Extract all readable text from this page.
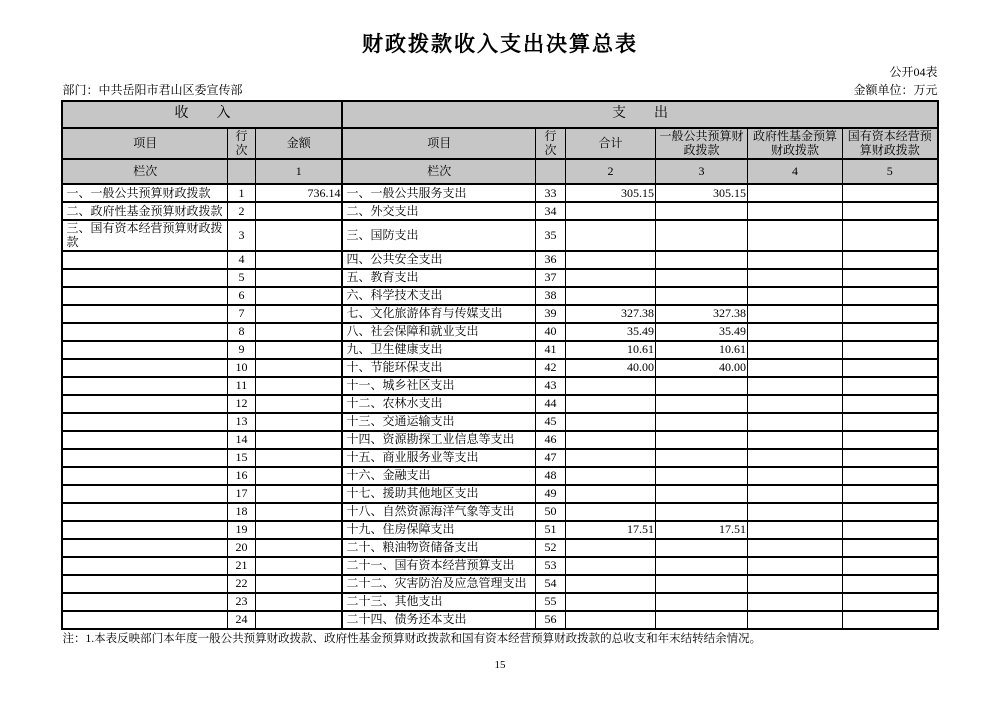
财政拨款收入支出决算总表
公开04表
部门：中共岳阳市君山区委宣传部	金额单位：万元
收　　入			支　　出					
项目	行次	金额	项目	行次	合计	一般公共预算财政拨款	政府性基金预算财政拨款	国有资本经营预算财政拨款
栏次		1	栏次		2	3	4	5
一、一般公共预算财政拨款	1	736.14	一、一般公共服务支出	33	305.15	305.15		
二、政府性基金预算财政拨款	2		二、外交支出	34				
三、国有资本经营预算财政拨款	3		三、国防支出	35				
	4		四、公共安全支出	36				
	5		五、教育支出	37				
	6		六、科学技术支出	38				
	7		七、文化旅游体育与传媒支出	39	327.38	327.38		
	8		八、社会保障和就业支出	40	35.49	35.49		
	9		九、卫生健康支出	41	10.61	10.61		
	10		十、节能环保支出	42	40.00	40.00		
	11		十一、城乡社区支出	43				
	12		十二、农林水支出	44				
	13		十三、交通运输支出	45				
	14		十四、资源勘探工业信息等支出	46				
	15		十五、商业服务业等支出	47				
	16		十六、金融支出	48				
	17		十七、援助其他地区支出	49				
	18		十八、自然资源海洋气象等支出	50				
	19		十九、住房保障支出	51	17.51	17.51		
	20		二十、粮油物资储备支出	52				
	21		二十一、国有资本经营预算支出	53				
	22		二十二、灾害防治及应急管理支出	54				
	23		二十三、其他支出	55				
	24		二十四、债务还本支出	56				
注：1.本表反映部门本年度一般公共预算财政拨款、政府性基金预算财政拨款和国有资本经营预算财政拨款的总收支和年末结转结余情况。
15
